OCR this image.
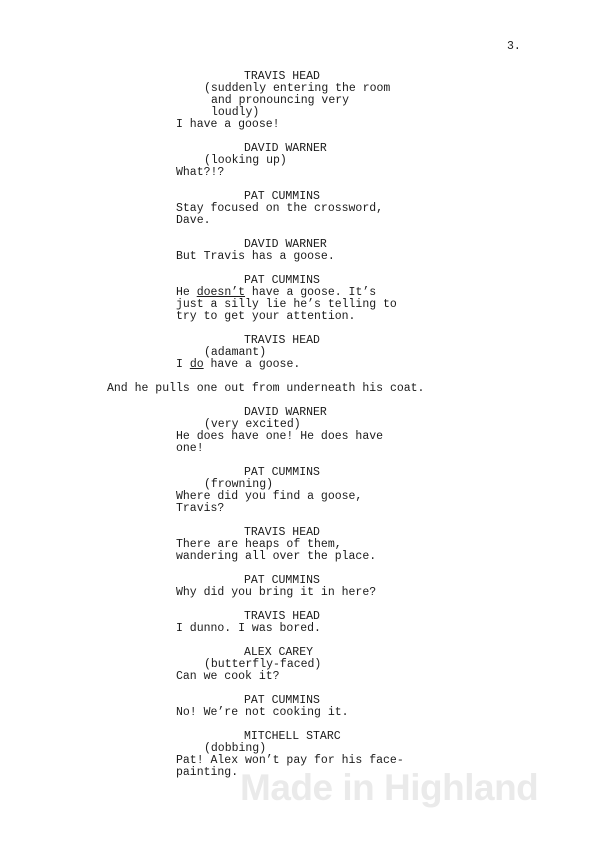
3.
TRAVIS HEAD
(suddenly entering the room
and pronouncing very
loudly)
I have a goose!
DAVID WARNER
(looking up)
What?!?
PAT CUMMINS
Stay focused on the crossword,
Dave.
DAVID WARNER
But Travis has a goose.
PAT CUMMINS
He doesn’t have a goose. It’s
just a silly lie he’s telling to
try to get your attention.
TRAVIS HEAD
(adamant)
I do have a goose.
And he pulls one out from underneath his coat.
DAVID WARNER
(very excited)
He does have one! He does have
one!
PAT CUMMINS
(frowning)
Where did you find a goose,
Travis?
TRAVIS HEAD
There are heaps of them,
wandering all over the place.
PAT CUMMINS
Why did you bring it in here?
TRAVIS HEAD
I dunno. I was bored.
ALEX CAREY
(butterfly-faced)
Can we cook it?
PAT CUMMINS
No! We’re not cooking it.
MITCHELL STARC
(dobbing)
Pat! Alex won’t pay for his face-
painting. Made in Highland
